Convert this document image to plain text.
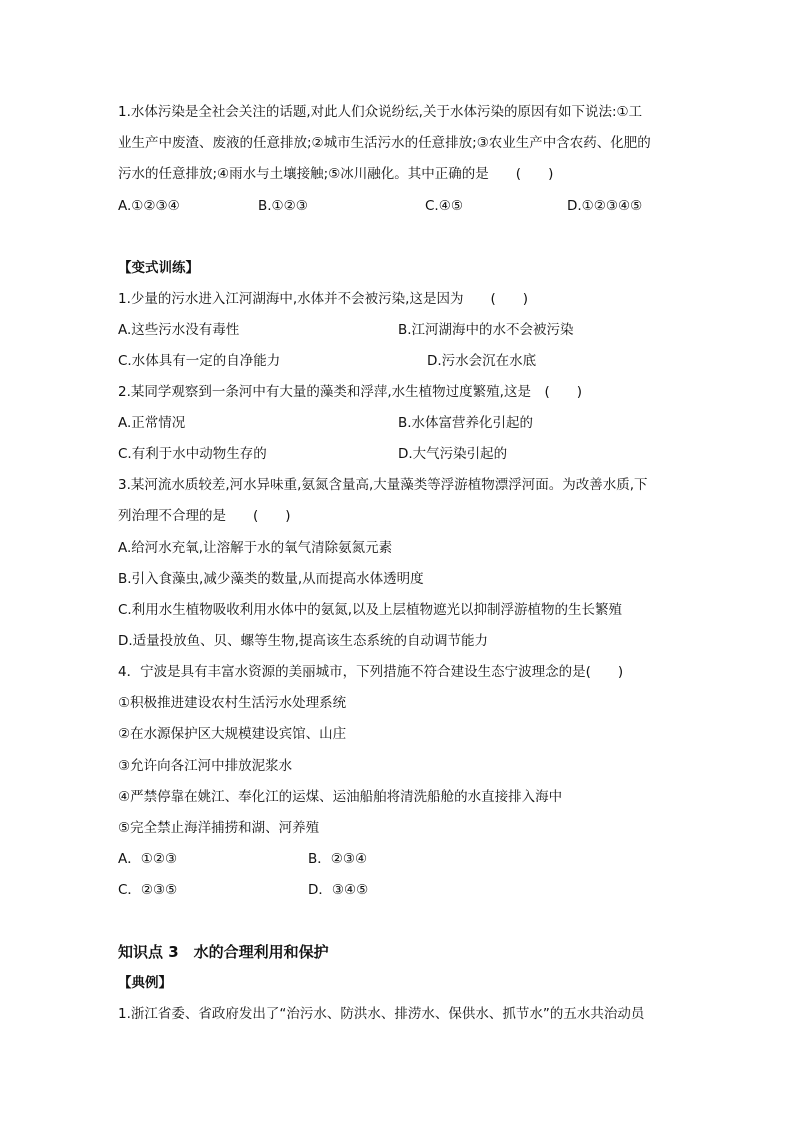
1.水体污染是全社会关注的话题,对此人们众说纷纭,关于水体污染的原因有如下说法:①工
业生产中废渣、废液的任意排放;②城市生活污水的任意排放;③农业生产中含农药、化肥的
污水的任意排放;④雨水与土壤接触;⑤冰川融化。其中正确的是　　(　　)
A.①②③④	B.①②③	C.④⑤	D.①②③④⑤
【变式训练】
1.少量的污水进入江河湖海中,水体并不会被污染,这是因为　　(　　)
A.这些污水没有毒性	B.江河湖海中的水不会被污染
C.水体具有一定的自净能力	D.污水会沉在水底
2.某同学观察到一条河中有大量的藻类和浮萍,水生植物过度繁殖,这是　(　　)
A.正常情况	B.水体富营养化引起的
C.有利于水中动物生存的	D.大气污染引起的
3.某河流水质较差,河水异味重,氨氮含量高,大量藻类等浮游植物漂浮河面。为改善水质,下
列治理不合理的是　　(　　)
A.给河水充氧,让溶解于水的氧气清除氨氮元素
B.引入食藻虫,减少藻类的数量,从而提高水体透明度
C.利用水生植物吸收利用水体中的氨氮,以及上层植物遮光以抑制浮游植物的生长繁殖
D.适量投放鱼、贝、螺等生物,提高该生态系统的自动调节能力
4．宁波是具有丰富水资源的美丽城市，下列措施不符合建设生态宁波理念的是(　　)
①积极推进建设农村生活污水处理系统
②在水源保护区大规模建设宾馆、山庄
③允许向各江河中排放泥浆水
④严禁停靠在姚江、奉化江的运煤、运油船舶将清洗船舱的水直接排入海中
⑤完全禁止海洋捕捞和湖、河养殖
A．①②③	B．②③④
C．②③⑤	D．③④⑤
知识点 3　水的合理利用和保护
【典例】
1.浙江省委、省政府发出了“治污水、防洪水、排涝水、保供水、抓节水”的五水共治动员
